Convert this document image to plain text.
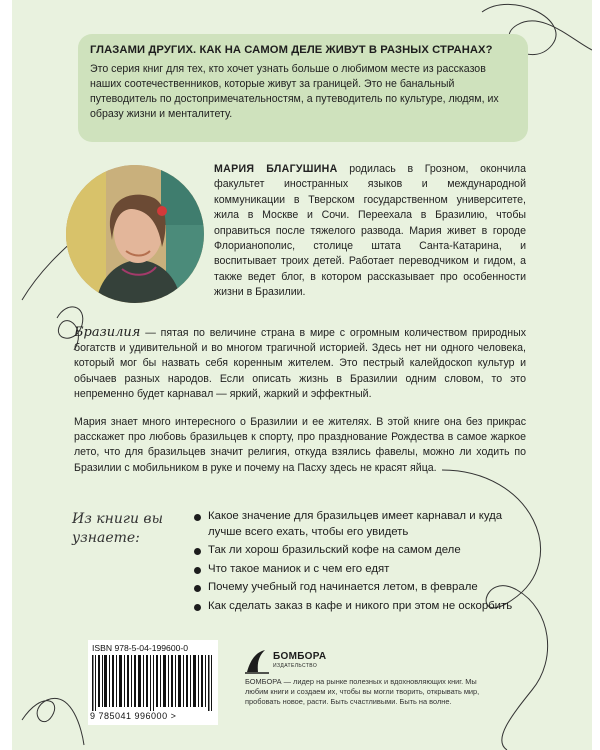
ГЛАЗАМИ ДРУГИХ. КАК НА САМОМ ДЕЛЕ ЖИВУТ В РАЗНЫХ СТРАНАХ?
Это серия книг для тех, кто хочет узнать больше о любимом месте из рассказов наших соотечественников, которые живут за границей. Это не банальный путеводитель по достопримечательностям, а путеводитель по культуре, людям, их образу жизни и менталитету.
МАРИЯ БЛАГУШИНА родилась в Грозном, окончила факультет иностранных языков и международной коммуникации в Тверском государственном университете, жила в Москве и Сочи. Переехала в Бразилию, чтобы оправиться после тяжелого развода. Мария живет в городе Флорианополис, столице штата Санта-Катарина, и воспитывает троих детей. Работает переводчиком и гидом, а также ведет блог, в котором рассказывает про особенности жизни в Бразилии.
Бразилия — пятая по величине страна в мире с огромным количеством природных богатств и удивительной и во многом трагичной историей. Здесь нет ни одного человека, который мог бы назвать себя коренным жителем. Это пестрый калейдоскоп культур и обычаев разных народов. Если описать жизнь в Бразилии одним словом, то это непременно будет карнавал — яркий, жаркий и эффектный.
Мария знает много интересного о Бразилии и ее жителях. В этой книге она без прикрас расскажет про любовь бразильцев к спорту, про празднование Рождества в самое жаркое лето, что для бразильцев значит религия, откуда взялись фавелы, можно ли ходить по Бразилии с мобильником в руке и почему на Пасху здесь не красят яйца.
Из книги вы узнаете:
Какое значение для бразильцев имеет карнавал и куда лучше всего ехать, чтобы его увидеть
Так ли хорош бразильский кофе на самом деле
Что такое маниок и с чем его едят
Почему учебный год начинается летом, в феврале
Как сделать заказ в кафе и никого при этом не оскорбить
ISBN 978-5-04-199600-0
9 785041 996000 >
БОМБОРА
ИЗДАТЕЛЬСТВО
БОМБОРА — лидер на рынке полезных и вдохновляющих книг. Мы любим книги и создаем их, чтобы вы могли творить, открывать мир, пробовать новое, расти. Быть счастливыми. Быть на волне.
